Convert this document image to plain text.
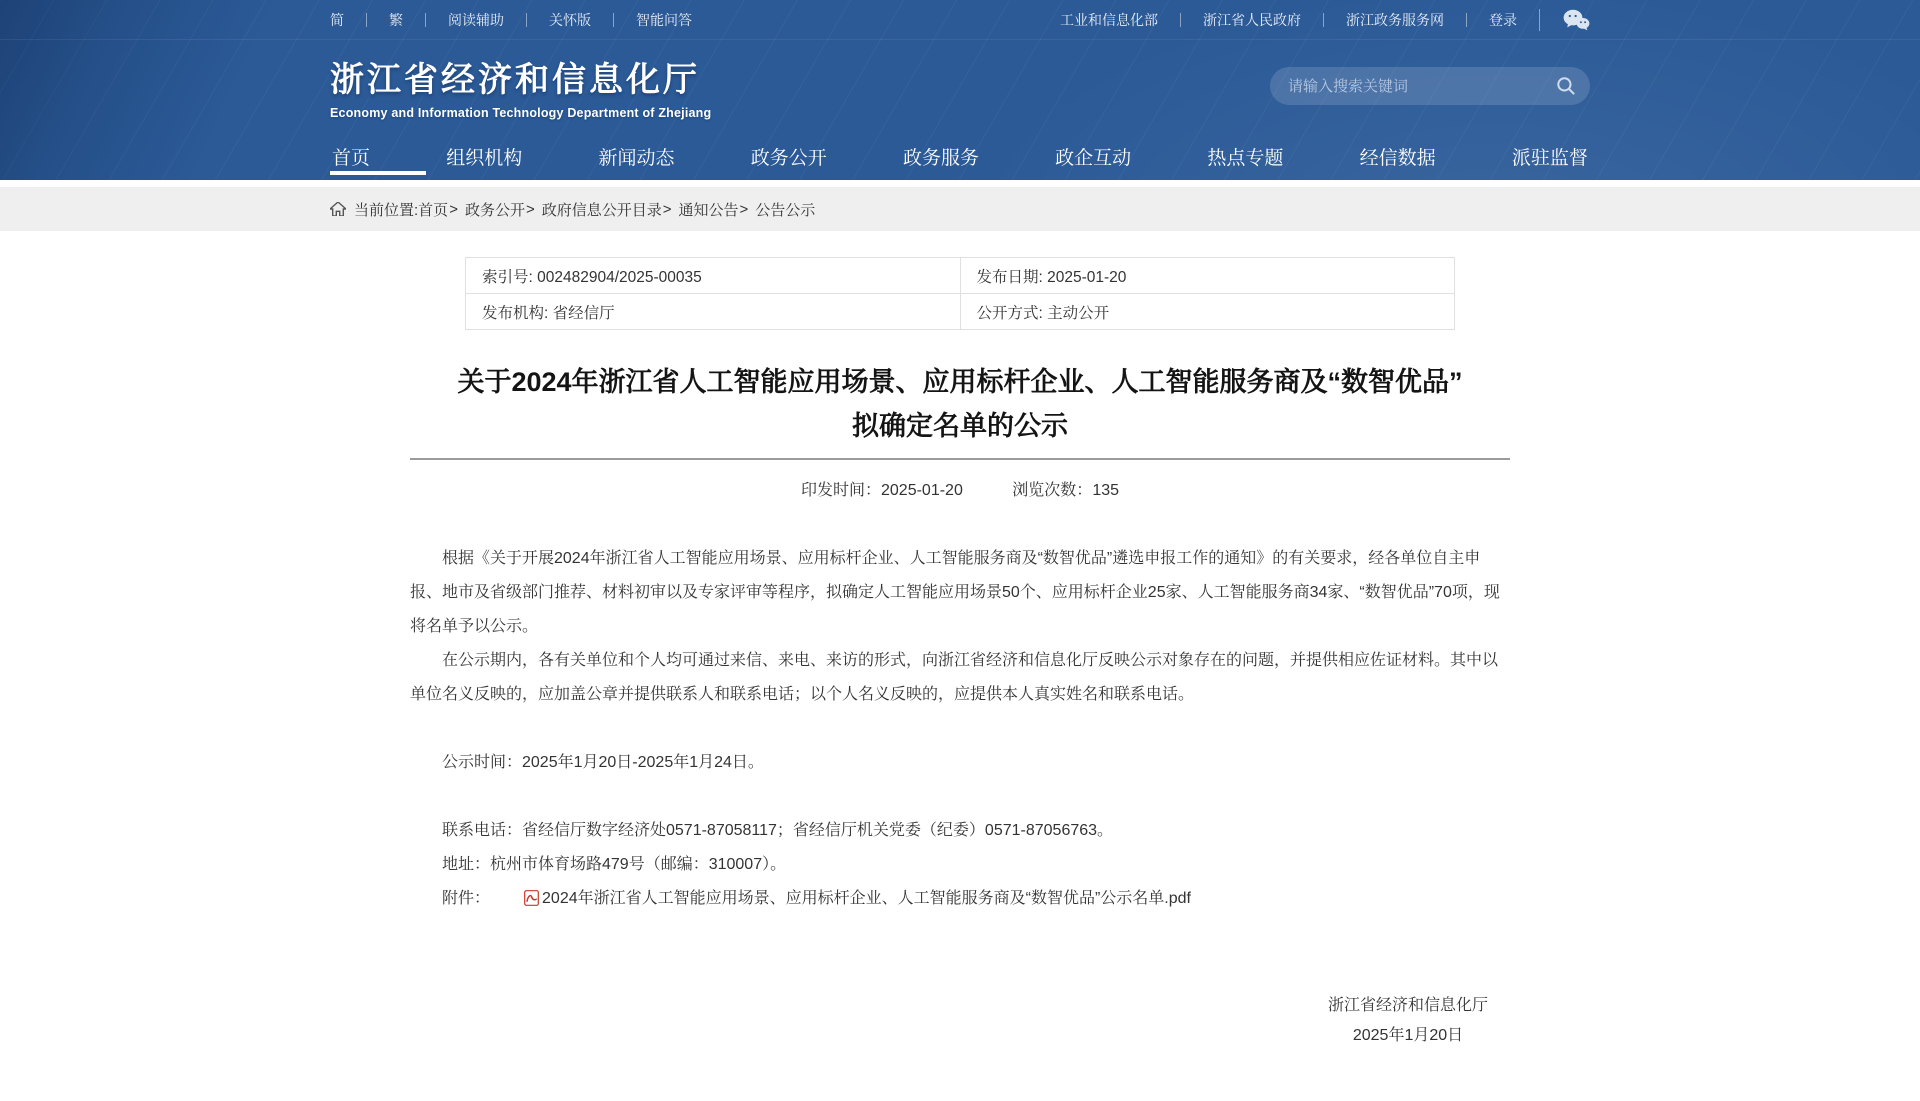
简	繁	阅读辅助	关怀版	智能问答	工业和信息化部	浙江省人民政府	浙江政务服务网	登录
浙江省经济和信息化厅
Economy and Information Technology Department of Zhejiang
请输入搜索关键词
首页	组织机构	新闻动态	政务公开	政务服务	政企互动	热点专题	经信数据	派驻监督
当前位置: 首页 > 政务公开 > 政府信息公开目录 > 通知公告 > 公告公示
索引号: 002482904/2025-00035	发布日期: 2025-01-20
发布机构: 省经信厅	公开方式: 主动公开
关于2024年浙江省人工智能应用场景、应用标杆企业、人工智能服务商及“数智优品”
拟确定名单的公示
印发时间：2025-01-20	浏览次数：135

根据《关于开展2024年浙江省人工智能应用场景、应用标杆企业、人工智能服务商及“数智优品”遴选申报工作的通知》的有关要求，经各单位自主申报、地市及省级部门推荐、材料初审以及专家评审等程序，拟确定人工智能应用场景50个、应用标杆企业25家、人工智能服务商34家、“数智优品”70项，现将名单予以公示。

在公示期内，各有关单位和个人均可通过来信、来电、来访的形式，向浙江省经济和信息化厅反映公示对象存在的问题，并提供相应佐证材料。其中以单位名义反映的，应加盖公章并提供联系人和联系电话；以个人名义反映的，应提供本人真实姓名和联系电话。

公示时间：2025年1月20日-2025年1月24日。

联系电话：省经信厅数字经济处0571-87058117；省经信厅机关党委（纪委）0571-87056763。

地址：杭州市体育场路479号（邮编：310007）。

附件：	2024年浙江省人工智能应用场景、应用标杆企业、人工智能服务商及“数智优品”公示名单.pdf

浙江省经济和信息化厅
2025年1月20日
